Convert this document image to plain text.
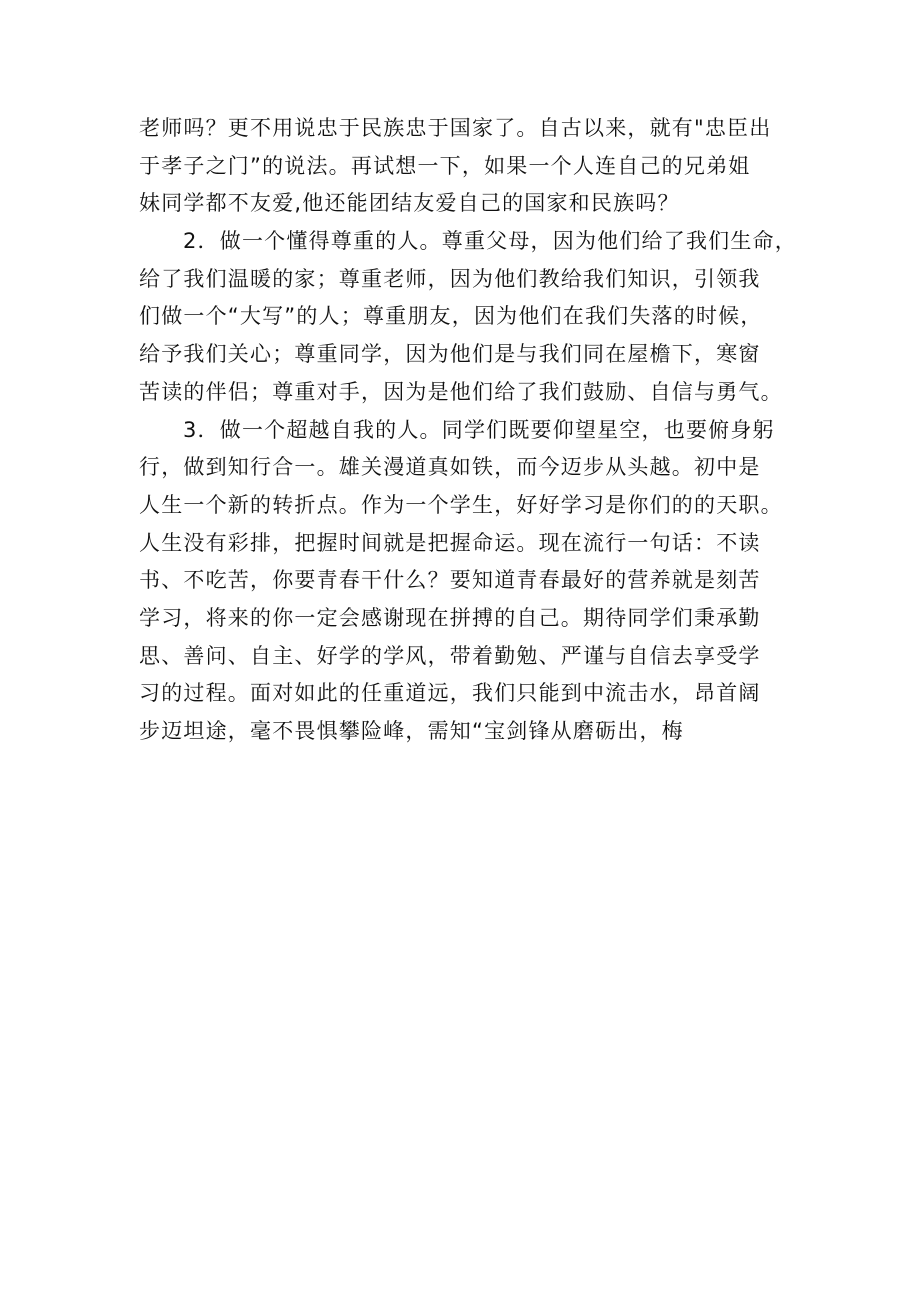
老师吗？更不用说忠于民族忠于国家了。自古以来，就有"忠臣出
于孝子之门”的说法。再试想一下，如果一个人连自己的兄弟姐
妹同学都不友爱,他还能团结友爱自己的国家和民族吗？
2．做一个懂得尊重的人。尊重父母，因为他们给了我们生命，
给了我们温暖的家；尊重老师，因为他们教给我们知识，引领我
们做一个“大写”的人；尊重朋友，因为他们在我们失落的时候，
给予我们关心；尊重同学，因为他们是与我们同在屋檐下，寒窗
苦读的伴侣；尊重对手，因为是他们给了我们鼓励、自信与勇气。
3．做一个超越自我的人。同学们既要仰望星空，也要俯身躬
行，做到知行合一。雄关漫道真如铁，而今迈步从头越。初中是
人生一个新的转折点。作为一个学生，好好学习是你们的的天职。
人生没有彩排，把握时间就是把握命运。现在流行一句话：不读
书、不吃苦，你要青春干什么？要知道青春最好的营养就是刻苦
学习，将来的你一定会感谢现在拼搏的自己。期待同学们秉承勤
思、善问、自主、好学的学风，带着勤勉、严谨与自信去享受学
习的过程。面对如此的任重道远，我们只能到中流击水，昂首阔
步迈坦途，毫不畏惧攀险峰，需知“宝剑锋从磨砺出，梅
